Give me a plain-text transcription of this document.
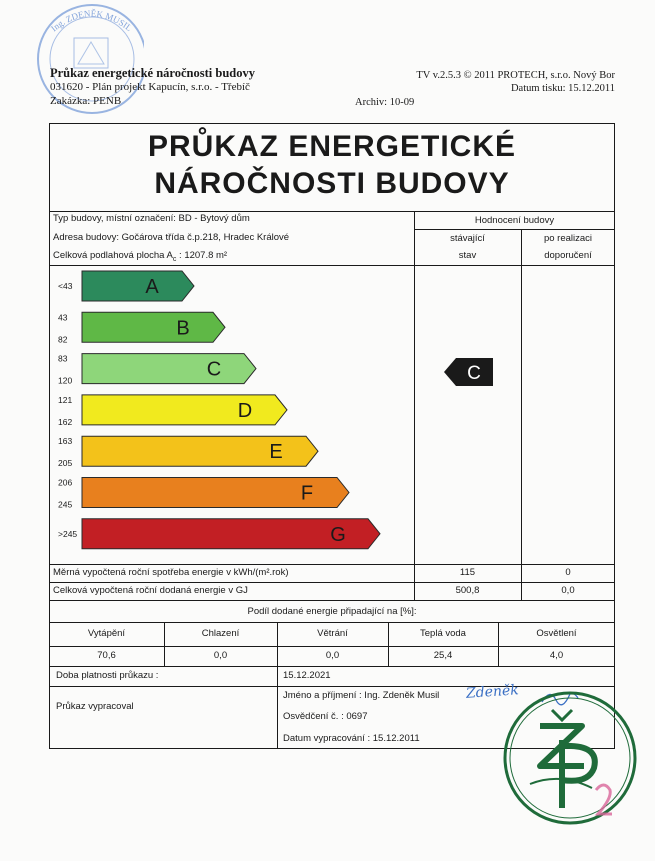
Ing. ZDENĚK MUSIL
Průkaz energetické náročnosti budovy
031620 - Plán projekt Kapucín, s.r.o. - Třebíč
Zakázka: PENB
TV v.2.5.3 © 2011 PROTECH, s.r.o. Nový Bor
Datum tisku: 15.12.2011
Archiv: 10-09
PRŮKAZ ENERGETICKÉ
NÁROČNOSTI BUDOVY
Typ budovy, místní označení: BD - Bytový dům
Adresa budovy: Gočárova třída č.p.218, Hradec Králové
Celková podlahová plocha $A_c$ : 1207.8 m²
Hodnocení budovy
stávající
stav
po realizaci
doporučení
A
<43
B
43
82
C
83
120
D
121
162
E
163
205
F
206
245
G
>245
C
Měrná vypočtená roční spotřeba energie v kWh/(m².rok)	115	0
Celková vypočtená roční dodaná energie v GJ	500,8	0,0
Podíl dodané energie připadající na [%]:
Vytápění	Chlazení	Větrání	Teplá voda	Osvětlení
70,6	0,0	0,0	25,4	4,0
Doba platnosti průkazu :	15.12.2021
Průkaz vypracoval
Jméno a příjmení : Ing. Zdeněk Musil
Osvědčení č. : 0697
Datum vypracování : 15.12.2011
Zdeněk
